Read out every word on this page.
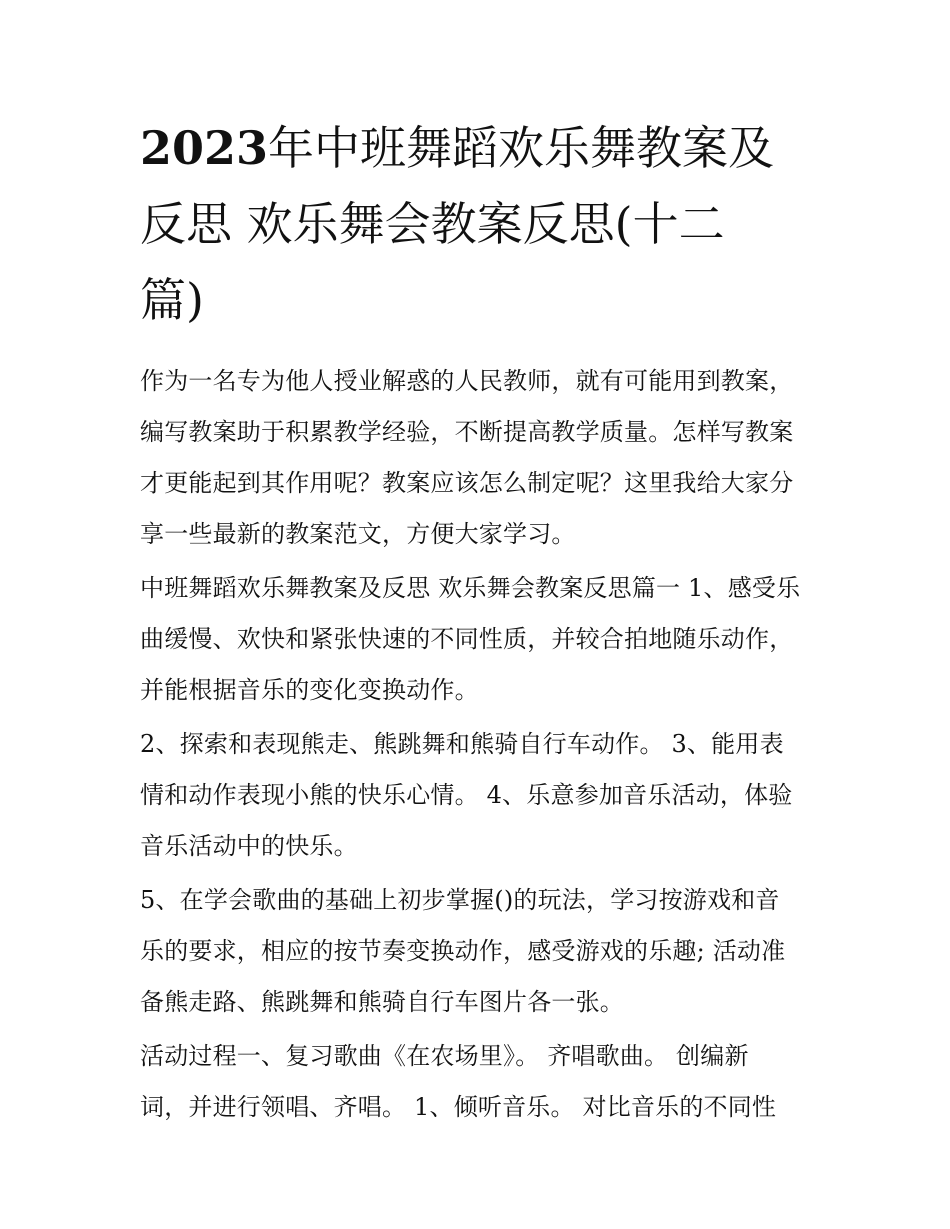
2023年中班舞蹈欢乐舞教案及
反思 欢乐舞会教案反思(十二
篇)

作为一名专为他人授业解惑的人民教师，就有可能用到教案，
编写教案助于积累教学经验，不断提高教学质量。怎样写教案
才更能起到其作用呢？教案应该怎么制定呢？这里我给大家分
享一些最新的教案范文，方便大家学习。

中班舞蹈欢乐舞教案及反思 欢乐舞会教案反思篇一 1、感受乐
曲缓慢、欢快和紧张快速的不同性质，并较合拍地随乐动作，
并能根据音乐的变化变换动作。

2、探索和表现熊走、熊跳舞和熊骑自行车动作。 3、能用表
情和动作表现小熊的快乐心情。 4、乐意参加音乐活动，体验
音乐活动中的快乐。

5、在学会歌曲的基础上初步掌握()的玩法，学习按游戏和音
乐的要求，相应的按节奏变换动作，感受游戏的乐趣; 活动准
备熊走路、熊跳舞和熊骑自行车图片各一张。

活动过程一、复习歌曲《在农场里》。 齐唱歌曲。 创编新
词，并进行领唱、齐唱。 1、倾听音乐。 对比音乐的不同性
